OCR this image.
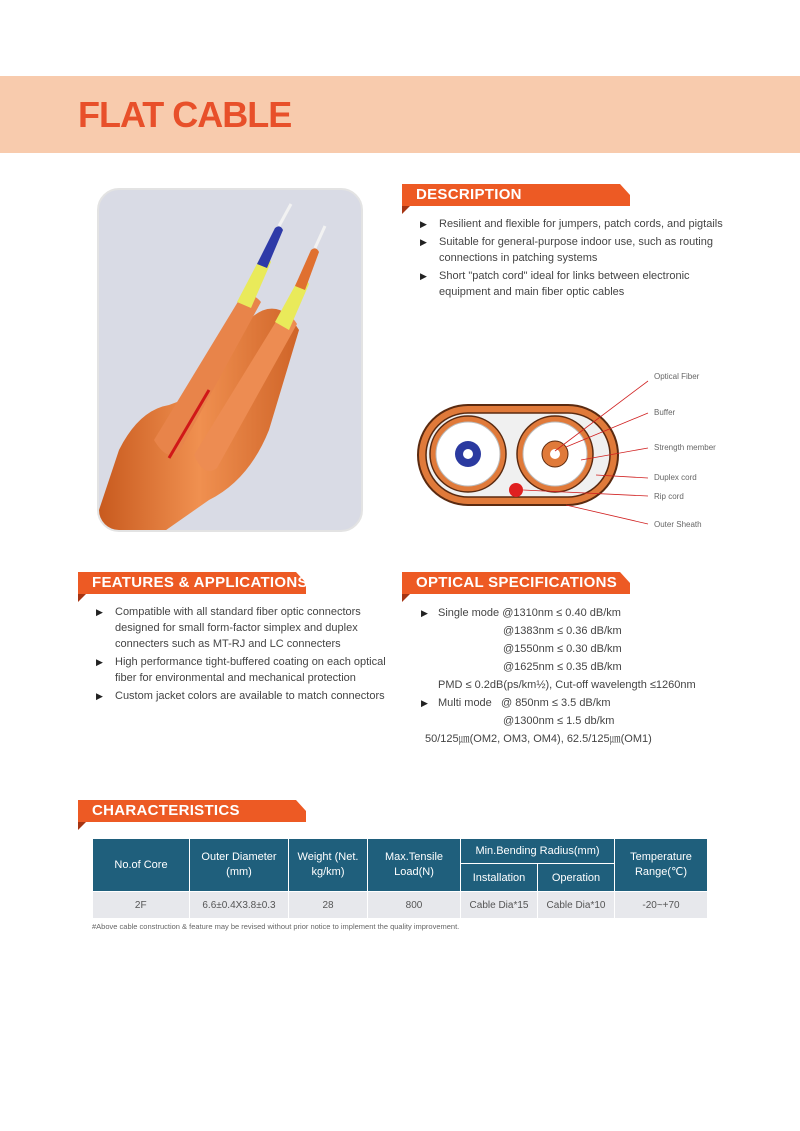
FLAT CABLE
DESCRIPTION
▶ Resilient and flexible for jumpers, patch cords, and pigtails
▶ Suitable for general-purpose indoor use, such as routing connections in patching systems
▶ Short "patch cord" ideal for links between electronic equipment and main fiber optic cables
Optical Fiber
Buffer
Strength member
Duplex cord
Rip cord
Outer Sheath
FEATURES & APPLICATIONS
▶ Compatible with all standard fiber optic connectors designed for small form-factor simplex and duplex connecters such as MT-RJ and LC connecters
▶ High performance tight-buffered coating on each optical fiber for environmental and mechanical protection
▶ Custom jacket colors are available to match connectors
OPTICAL SPECIFICATIONS
▶ Single mode @1310nm ≤ 0.40 dB/km
@1383nm ≤ 0.36 dB/km
@1550nm ≤ 0.30 dB/km
@1625nm ≤ 0.35 dB/km
PMD ≤ 0.2dB(ps/km½), Cut-off wavelength ≤1260nm
▶ Multi mode   @ 850nm ≤ 3.5 dB/km
@1300nm ≤ 1.5 db/km
50/125㎛(OM2, OM3, OM4), 62.5/125㎛(OM1)
CHARACTERISTICS
No.of Core	Outer Diameter (mm)	Weight (Net. kg/km)	Max.Tensile Load(N)	Min.Bending Radius(mm)		Temperature Range(℃)
				Installation	Operation	
2F	6.6±0.4X3.8±0.3	28	800	Cable Dia*15	Cable Dia*10	-20~+70
#Above cable construction & feature may be revised without prior notice to implement the quality improvement.
